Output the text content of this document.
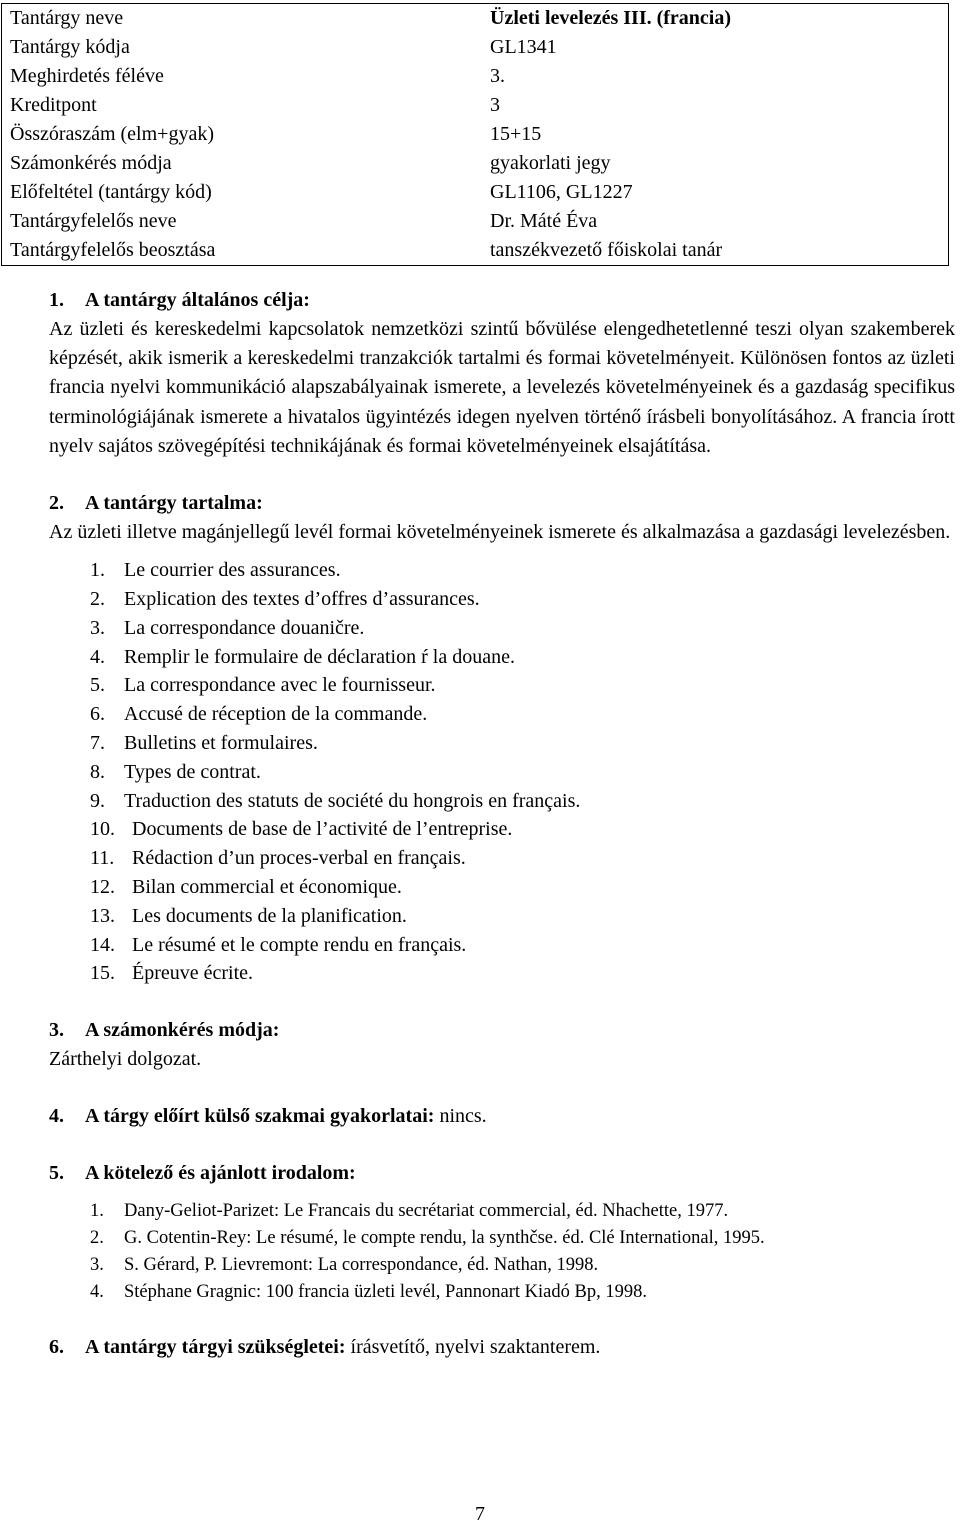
Tantárgy neve	Üzleti levelezés III. (francia)
Tantárgy kódja	GL1341
Meghirdetés féléve	3.
Kreditpont	3
Összóraszám (elm+gyak)	15+15
Számonkérés módja	gyakorlati jegy
Előfeltétel (tantárgy kód)	GL1106, GL1227
Tantárgyfelelős neve	Dr. Máté Éva
Tantárgyfelelős beosztása	tanszékvezető főiskolai tanár
1. A tantárgy általános célja:

Az üzleti és kereskedelmi kapcsolatok nemzetközi szintű bővülése elengedhetetlenné teszi olyan szakemberek képzését, akik ismerik a kereskedelmi tranzakciók tartalmi és formai követelményeit. Különösen fontos az üzleti francia nyelvi kommunikáció alapszabályainak ismerete, a levelezés követelményeinek és a gazdaság specifikus terminológiájának ismerete a hivatalos ügyintézés idegen nyelven történő írásbeli bonyolításához. A francia írott nyelv sajátos szövegépítési technikájának és formai követelményeinek elsajátítása.

2. A tantárgy tartalma:

Az üzleti illetve magánjellegű levél formai követelményeinek ismerete és alkalmazása a gazdasági levelezésben.

1. Le courrier des assurances.
2. Explication des textes d’offres d’assurances.
3. La correspondance douaničre.
4. Remplir le formulaire de déclaration ŕ la douane.
5. La correspondance avec le fournisseur.
6. Accusé de réception de la commande.
7. Bulletins et formulaires.
8. Types de contrat.
9. Traduction des statuts de société du hongrois en français.
10. Documents de base de l’activité de l’entreprise.
11. Rédaction d’un proces-verbal en français.
12. Bilan commercial et économique.
13. Les documents de la planification.
14. Le résumé et le compte rendu en français.
15. Épreuve écrite.
3. A számonkérés módja:

Zárthelyi dolgozat.

4. A tárgy előírt külső szakmai gyakorlatai: nincs.
5. A kötelező és ajánlott irodalom:
1. Dany-Geliot-Parizet: Le Francais du secrétariat commercial, éd. Nhachette, 1977.
2. G. Cotentin-Rey: Le résumé, le compte rendu, la synthčse. éd. Clé International, 1995.
3. S. Gérard, P. Lievremont: La correspondance, éd. Nathan, 1998.
4. Stéphane Gragnic: 100 francia üzleti levél, Pannonart Kiadó Bp, 1998.
6. A tantárgy tárgyi szükségletei: írásvetítő, nyelvi szaktanterem.
7
